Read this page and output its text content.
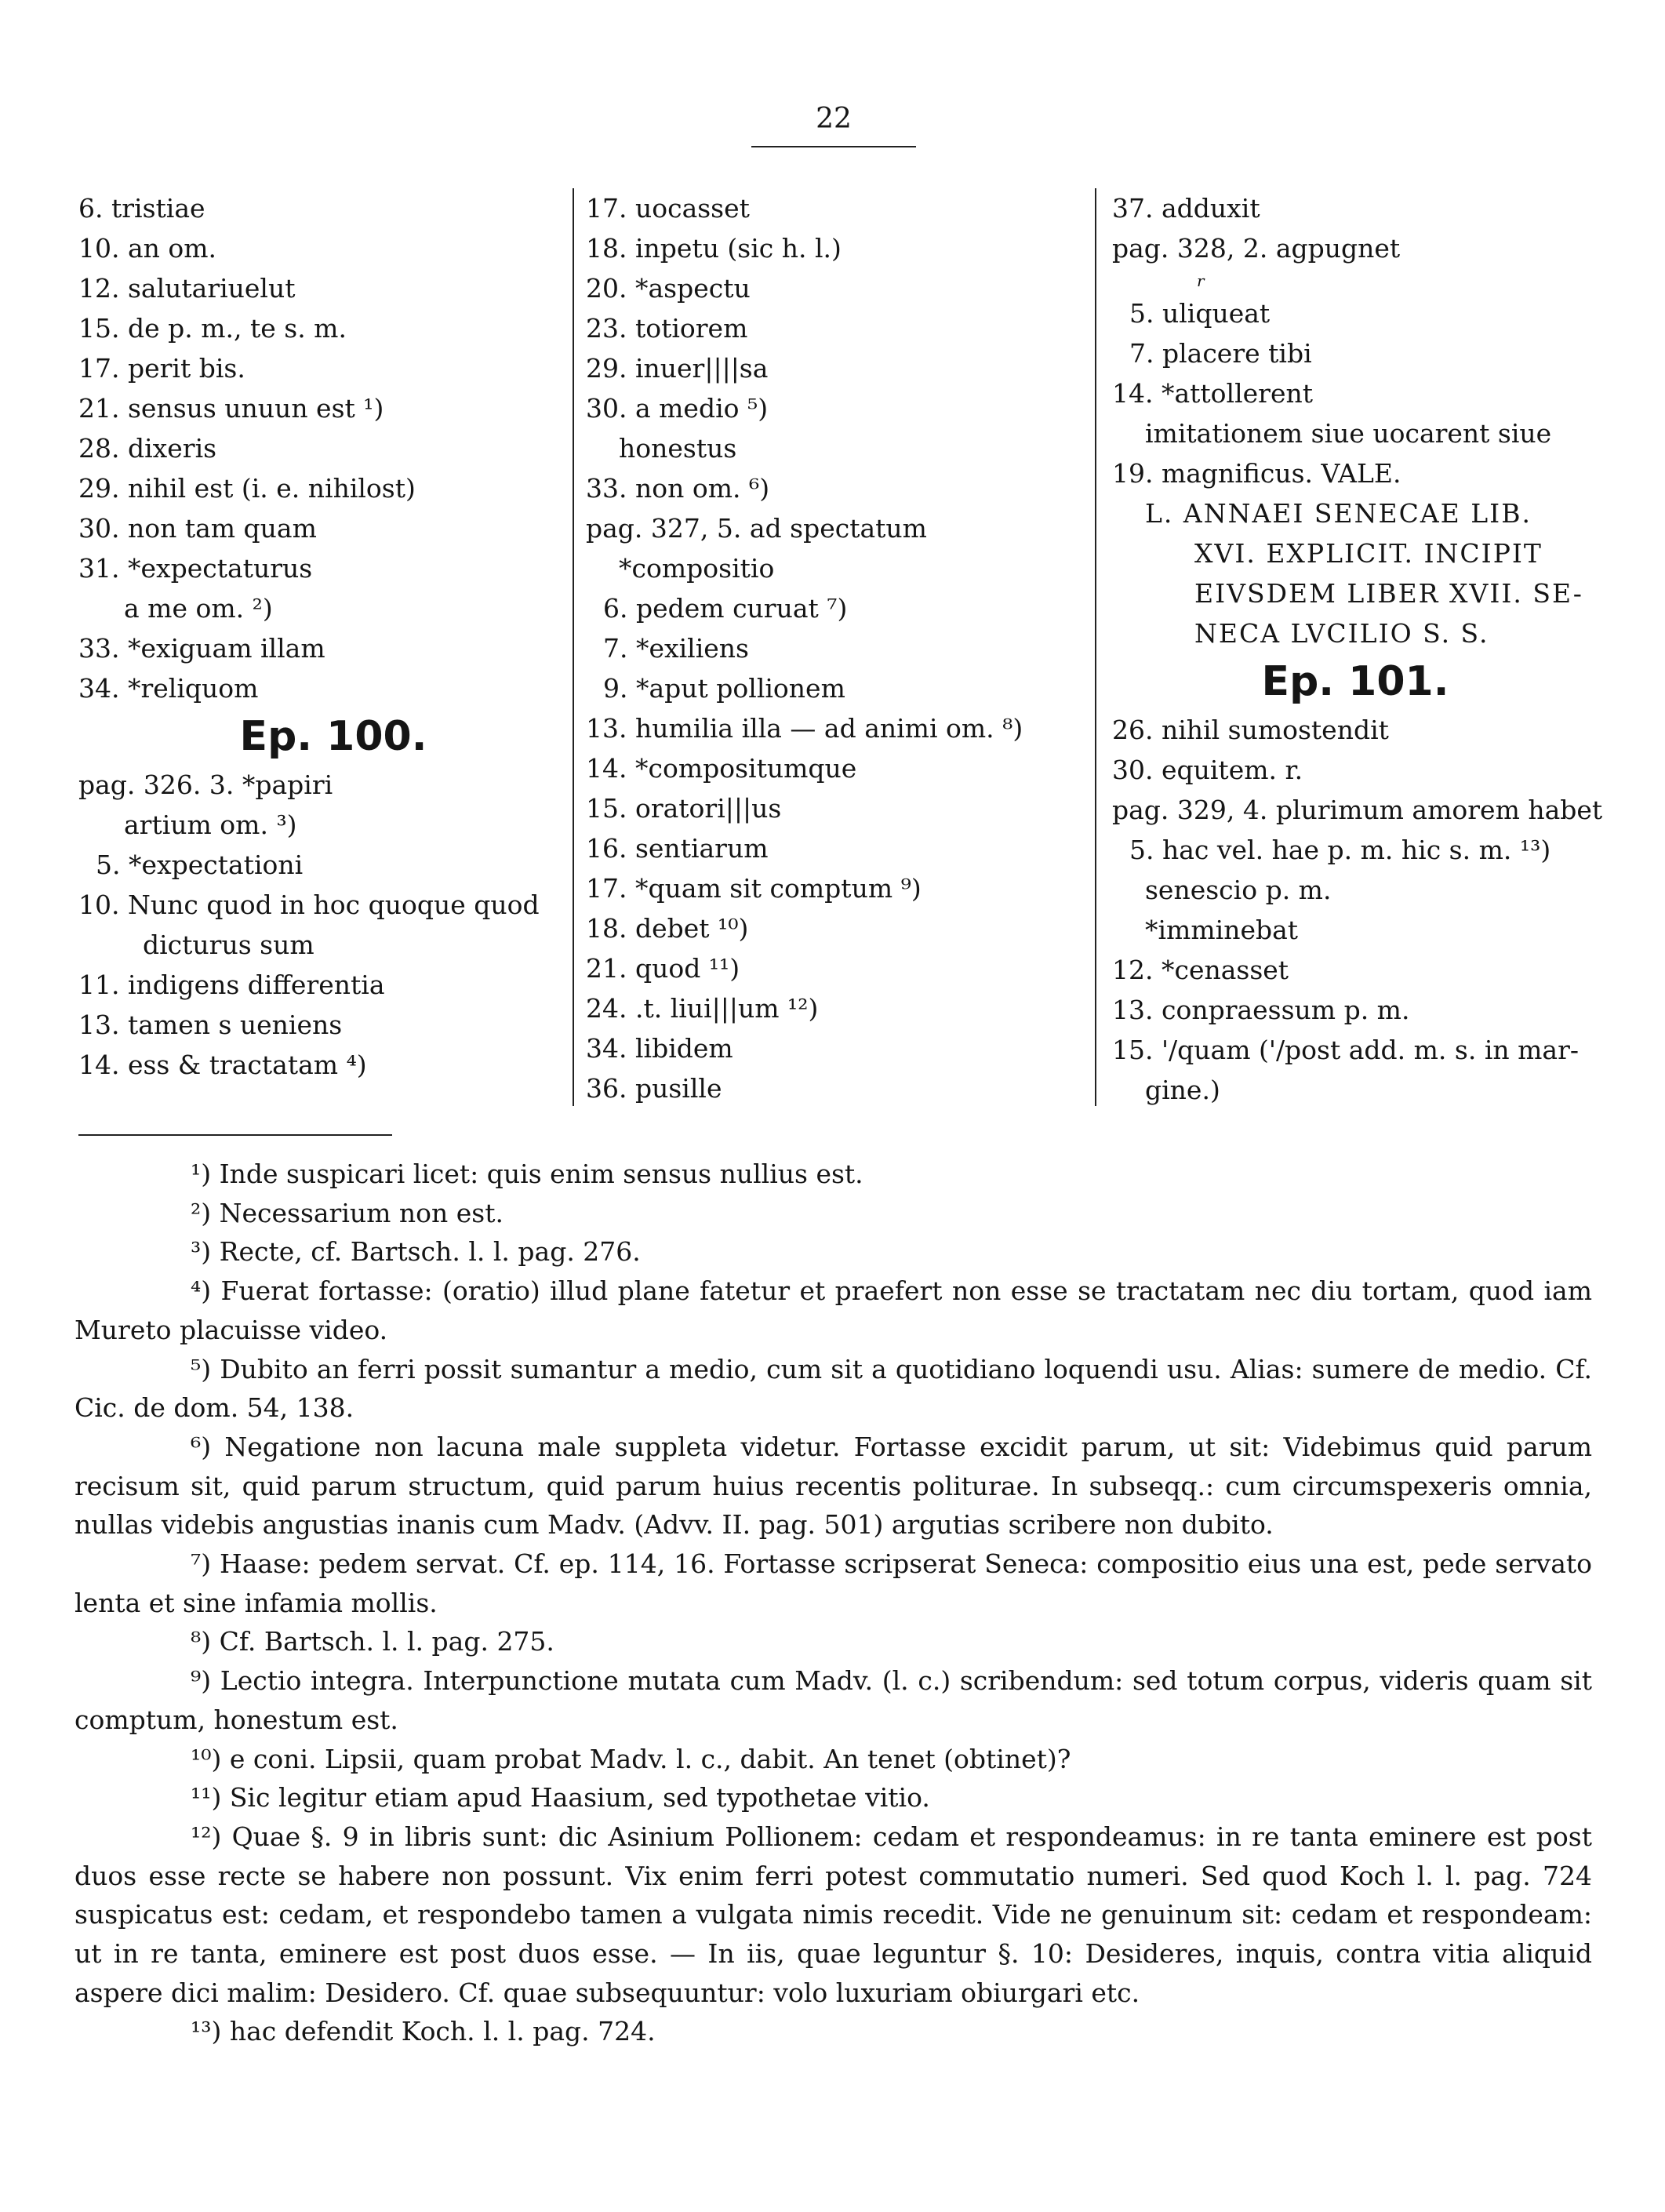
22
6. tristiae
10. an om.
12. salutariuelut
15. de p. m., te s. m.
17. perit bis.
21. sensus unuun est ¹)
28. dixeris
29. nihil est (i. e. nihilost)
30. non tam quam
31. *expectaturus
a me om. ²)
33. *exiguam illam
34. *reliquom
Ep. 100.
pag. 326. 3. *papiri
artium om. ³)
5. *expectationi
10. Nunc quod in hoc quoque quod
dicturus sum
11. indigens differentia
13. tamen s ueniens
14. ess & tractatam ⁴)
17. uocasset
18. inpetu (sic h. l.)
20. *aspectu
23. totiorem
29. inuer||||sa
30. a medio ⁵)
honestus
33. non om. ⁶)
pag. 327, 5. ad spectatum
*compositio
6. pedem curuat ⁷)
7. *exiliens
9. *aput pollionem
13. humilia illa — ad animi om. ⁸)
14. *compositumque
15. oratori|||us
16. sentiarum
17. *quam sit comptum ⁹)
18. debet ¹⁰)
21. quod ¹¹)
24. .t. liui|||um ¹²)
34. libidem
36. pusille
37. adduxit
pag. 328, 2. agpugnet
r
5. uliqueat
7. placere tibi
14. *attollerent
imitationem siue uocarent siue
19. magnificus. VALE.
L. ANNAEI SENECAE LIB.
XVI. EXPLICIT. INCIPIT
EIVSDEM LIBER XVII. SE-
NECA LVCILIO S. S.
Ep. 101.
26. nihil sumostendit
30. equitem. r.
pag. 329, 4. plurimum amorem habet
5. hac vel. hae p. m. hic s. m. ¹³)
senescio p. m.
*imminebat
12. *cenasset
13. conpraessum p. m.
15. '/quam ('/post add. m. s. in mar-
gine.)

¹) Inde suspicari licet: quis enim sensus nullius est.

²) Necessarium non est.

³) Recte, cf. Bartsch. l. l. pag. 276.

⁴) Fuerat fortasse: (oratio) illud plane fatetur et praefert non esse se tractatam nec diu tortam, quod iam Mureto placuisse video.

⁵) Dubito an ferri possit sumantur a medio, cum sit a quotidiano loquendi usu. Alias: sumere de medio. Cf. Cic. de dom. 54, 138.

⁶) Negatione non lacuna male suppleta videtur. Fortasse excidit parum, ut sit: Videbimus quid parum recisum sit, quid parum structum, quid parum huius recentis politurae. In subseqq.: cum circumspexeris omnia, nullas videbis angustias inanis cum Madv. (Advv. II. pag. 501) argutias scribere non dubito.

⁷) Haase: pedem servat. Cf. ep. 114, 16. Fortasse scripserat Seneca: compositio eius una est, pede servato lenta et sine infamia mollis.

⁸) Cf. Bartsch. l. l. pag. 275.

⁹) Lectio integra. Interpunctione mutata cum Madv. (l. c.) scribendum: sed totum corpus, videris quam sit comptum, honestum est.

¹⁰) e coni. Lipsii, quam probat Madv. l. c., dabit. An tenet (obtinet)?

¹¹) Sic legitur etiam apud Haasium, sed typothetae vitio.

¹²) Quae §. 9 in libris sunt: dic Asinium Pollionem: cedam et respondeamus: in re tanta eminere est post duos esse recte se habere non possunt. Vix enim ferri potest commutatio numeri. Sed quod Koch l. l. pag. 724 suspicatus est: cedam, et respondebo tamen a vulgata nimis recedit. Vide ne genuinum sit: cedam et respondeam: ut in re tanta, eminere est post duos esse. — In iis, quae leguntur §. 10: Desideres, inquis, contra vitia aliquid aspere dici malim: Desidero. Cf. quae subsequuntur: volo luxuriam obiurgari etc.

¹³) hac defendit Koch. l. l. pag. 724.
